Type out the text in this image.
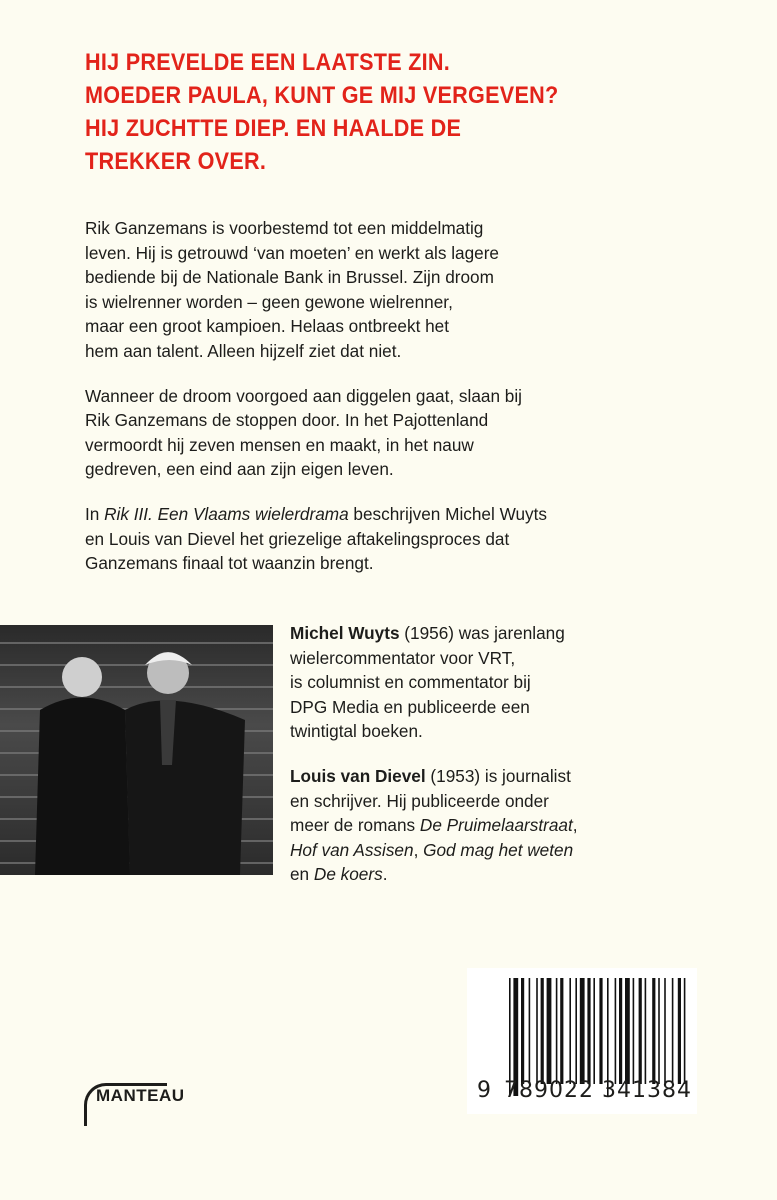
HIJ PREVELDE EEN LAATSTE ZIN.
MOEDER PAULA, KUNT GE MIJ VERGEVEN?
HIJ ZUCHTTE DIEP. EN HAALDE DE
TREKKER OVER.

Rik Ganzemans is voorbestemd tot een middelmatig
leven. Hij is getrouwd ‘van moeten’ en werkt als lagere
bediende bij de Nationale Bank in Brussel. Zijn droom
is wielrenner worden – geen gewone wielrenner,
maar een groot kampioen. Helaas ontbreekt het
hem aan talent. Alleen hijzelf ziet dat niet.

Wanneer de droom voorgoed aan diggelen gaat, slaan bij
Rik Ganzemans de stoppen door. In het Pajottenland
vermoordt hij zeven mensen en maakt, in het nauw
gedreven, een eind aan zijn eigen leven.

In Rik III. Een Vlaams wielerdrama beschrijven Michel Wuyts
en Louis van Dievel het griezelige aftakelingsproces dat
Ganzemans finaal tot waanzin brengt.

Michel Wuyts (1956) was jarenlang
wielercommentator voor VRT,
is columnist en commentator bij
DPG Media en publiceerde een
twintigtal boeken.

Louis van Dievel (1953) is journalist
en schrijver. Hij publiceerde onder
meer de romans De Pruimelaarstraat,
Hof van Assisen, God mag het weten
en De koers.

MANTEAU	9 789022 341384
